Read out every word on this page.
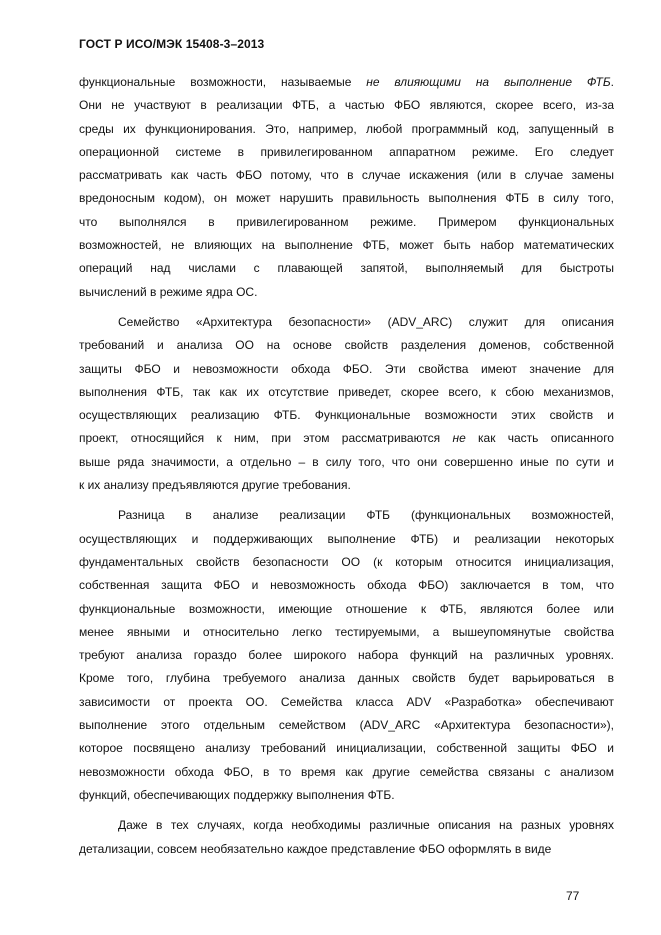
ГОСТ Р ИСО/МЭК 15408-3–2013
функциональные возможности, называемые не влияющими на выполнение ФТБ.
Они не участвуют в реализации ФТБ, а частью ФБО являются, скорее всего, из-за
среды их функционирования. Это, например, любой программный код, запущенный в
операционной системе в привилегированном аппаратном режиме. Его следует
рассматривать как часть ФБО потому, что в случае искажения (или в случае замены
вредоносным кодом), он может нарушить правильность выполнения ФТБ в силу того,
что выполнялся в привилегированном режиме. Примером функциональных
возможностей, не влияющих на выполнение ФТБ, может быть набор математических
операций над числами с плавающей запятой, выполняемый для быстроты
вычислений в режиме ядра ОС.
Семейство «Архитектура безопасности» (ADV_ARC) служит для описания
требований и анализа ОО на основе свойств разделения доменов, собственной
защиты ФБО и невозможности обхода ФБО. Эти свойства имеют значение для
выполнения ФТБ, так как их отсутствие приведет, скорее всего, к сбою механизмов,
осуществляющих реализацию ФТБ. Функциональные возможности этих свойств и
проект, относящийся к ним, при этом рассматриваются не как часть описанного
выше ряда значимости, а отдельно – в силу того, что они совершенно иные по сути и
к их анализу предъявляются другие требования.
Разница в анализе реализации ФТБ (функциональных возможностей,
осуществляющих и поддерживающих выполнение ФТБ) и реализации некоторых
фундаментальных свойств безопасности ОО (к которым относится инициализация,
собственная защита ФБО и невозможность обхода ФБО) заключается в том, что
функциональные возможности, имеющие отношение к ФТБ, являются более или
менее явными и относительно легко тестируемыми, а вышеупомянутые свойства
требуют анализа гораздо более широкого набора функций на различных уровнях.
Кроме того, глубина требуемого анализа данных свойств будет варьироваться в
зависимости от проекта ОО. Семейства класса ADV «Разработка» обеспечивают
выполнение этого отдельным семейством (ADV_ARC «Архитектура безопасности»),
которое посвящено анализу требований инициализации, собственной защиты ФБО и
невозможности обхода ФБО, в то время как другие семейства связаны с анализом
функций, обеспечивающих поддержку выполнения ФТБ.
Даже в тех случаях, когда необходимы различные описания на разных уровнях
детализации, совсем необязательно каждое представление ФБО оформлять в виде
77
